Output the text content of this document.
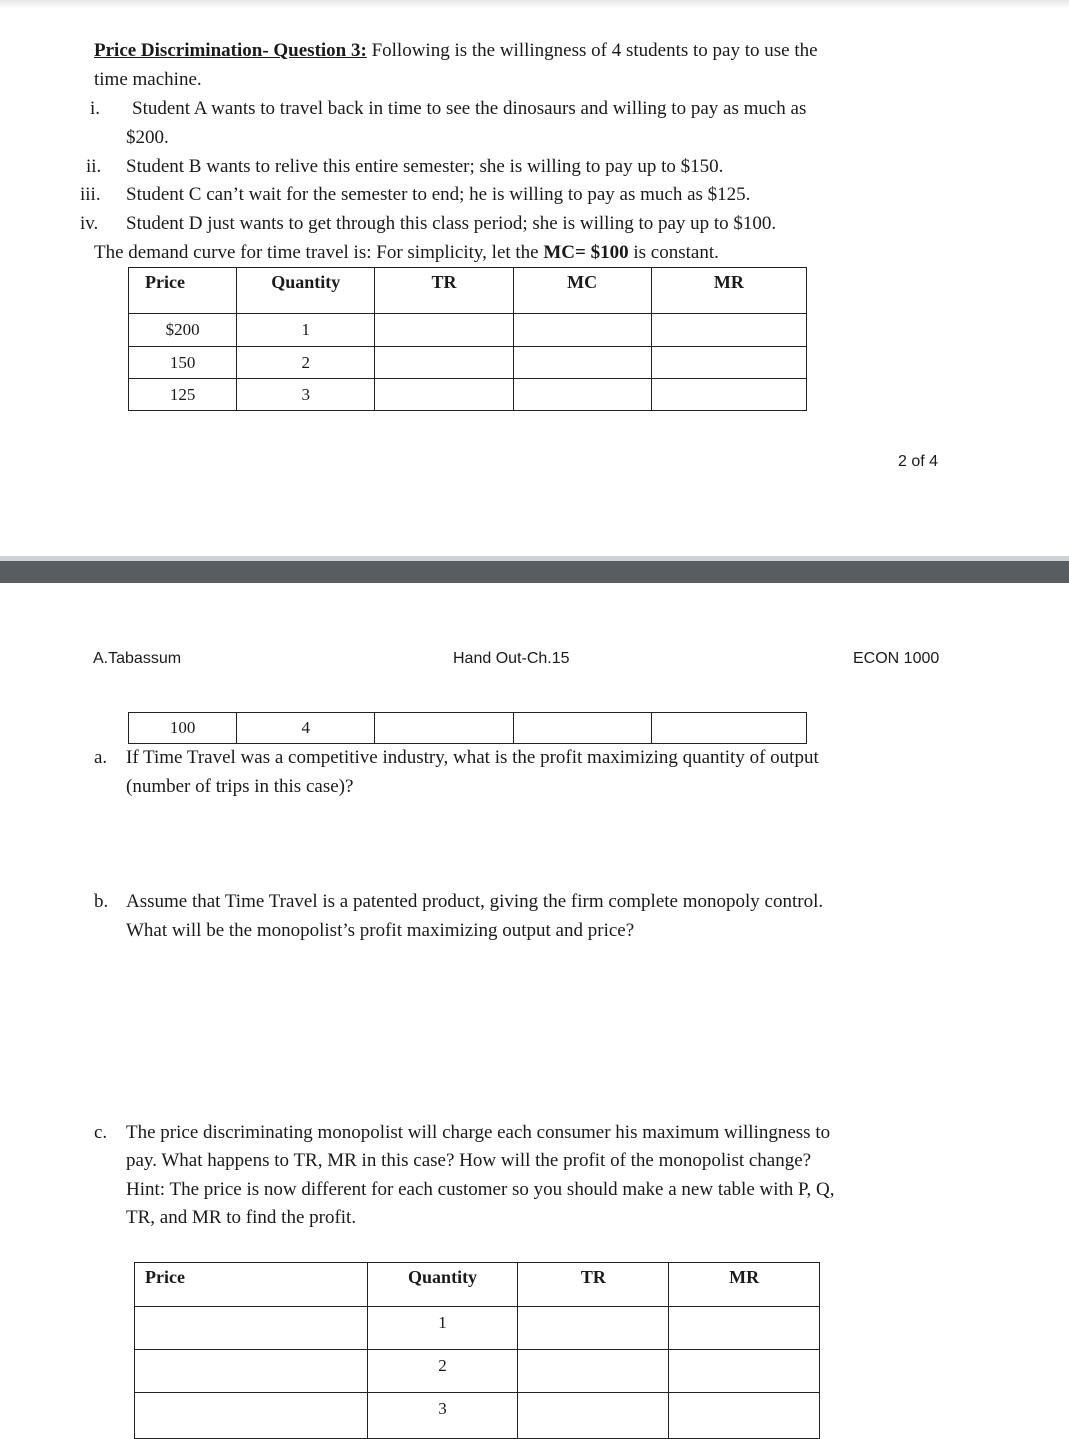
Price Discrimination- Question 3: Following is the willingness of 4 students to pay to use the
time machine.
i. Student A wants to travel back in time to see the dinosaurs and willing to pay as much as
$200.
ii. Student B wants to relive this entire semester; she is willing to pay up to $150.
iii. Student C can’t wait for the semester to end; he is willing to pay as much as $125.
iv. Student D just wants to get through this class period; she is willing to pay up to $100.
The demand curve for time travel is: For simplicity, let the MC= $100 is constant.
Price	Quantity	TR	MC	MR
$200	1			
150	2			
125	3			
2 of 4
A.Tabassum	Hand Out-Ch.15	ECON 1000
100	4			
a. If Time Travel was a competitive industry, what is the profit maximizing quantity of output
(number of trips in this case)?
b. Assume that Time Travel is a patented product, giving the firm complete monopoly control.
What will be the monopolist’s profit maximizing output and price?
c. The price discriminating monopolist will charge each consumer his maximum willingness to
pay. What happens to TR, MR in this case? How will the profit of the monopolist change?
Hint: The price is now different for each customer so you should make a new table with P, Q,
TR, and MR to find the profit.
Price	Quantity	TR	MR
	1		
	2		
	3		
